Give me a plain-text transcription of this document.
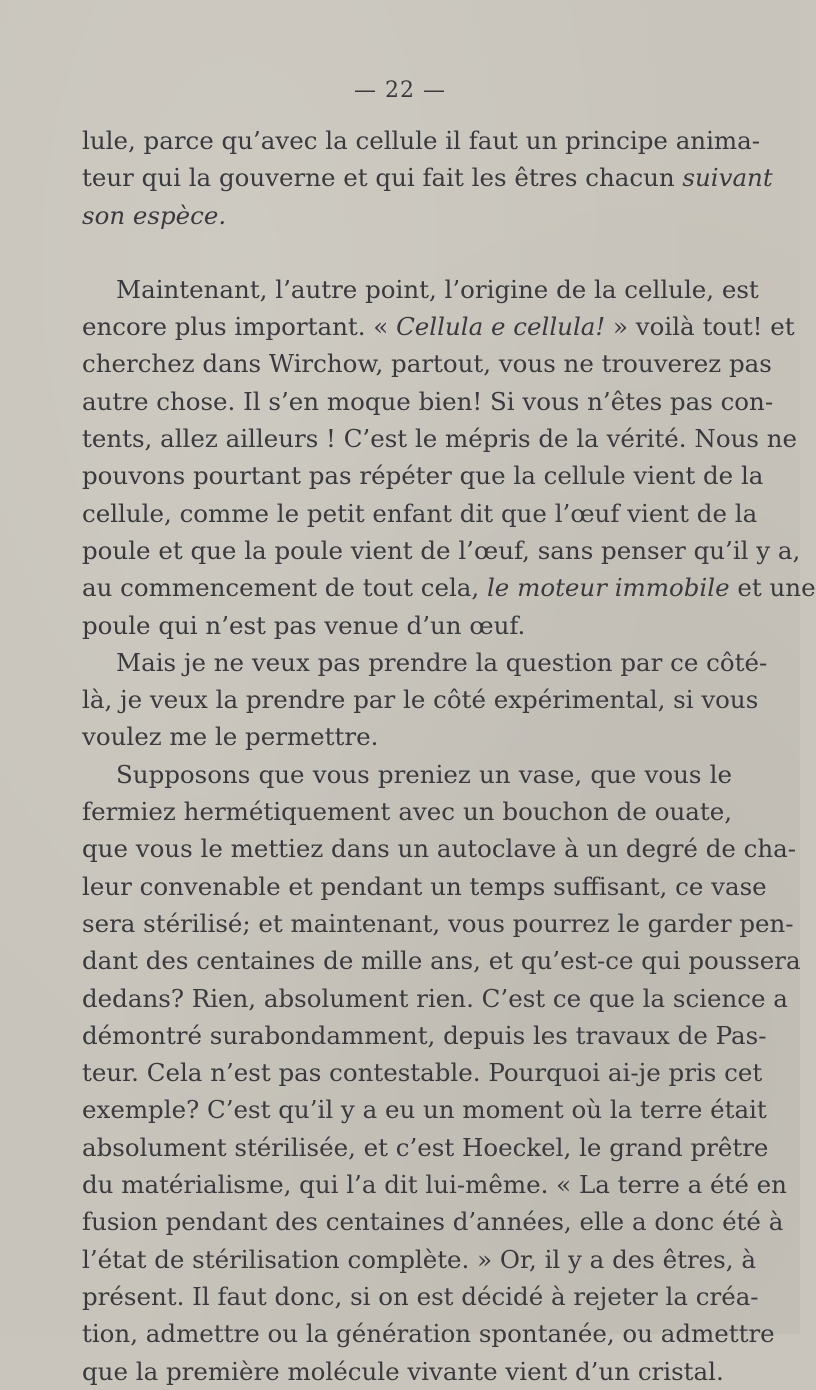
— 22 —
lule, parce qu’avec la cellule il faut un principe anima-
teur qui la gouverne et qui fait les êtres chacun suivant
son espèce.
Maintenant, l’autre point, l’origine de la cellule, est
encore plus important. « Cellula e cellula! » voilà tout! et
cherchez dans Wirchow, partout, vous ne trouverez pas
autre chose. Il s’en moque bien! Si vous n’êtes pas con-
tents, allez ailleurs ! C’est le mépris de la vérité. Nous ne
pouvons pourtant pas répéter que la cellule vient de la
cellule, comme le petit enfant dit que l’œuf vient de la
poule et que la poule vient de l’œuf, sans penser qu’il y a,
au commencement de tout cela, le moteur immobile et une
poule qui n’est pas venue d’un œuf.
Mais je ne veux pas prendre la question par ce côté-
là, je veux la prendre par le côté expérimental, si vous
voulez me le permettre.
Supposons que vous preniez un vase, que vous le
fermiez hermétiquement avec un bouchon de ouate,
que vous le mettiez dans un autoclave à un degré de cha-
leur convenable et pendant un temps suffisant, ce vase
sera stérilisé; et maintenant, vous pourrez le garder pen-
dant des centaines de mille ans, et qu’est-ce qui poussera
dedans? Rien, absolument rien. C’est ce que la science a
démontré surabondamment, depuis les travaux de Pas-
teur. Cela n’est pas contestable. Pourquoi ai-je pris cet
exemple? C’est qu’il y a eu un moment où la terre était
absolument stérilisée, et c’est Hoeckel, le grand prêtre
du matérialisme, qui l’a dit lui-même. « La terre a été en
fusion pendant des centaines d’années, elle a donc été à
l’état de stérilisation complète. » Or, il y a des êtres, à
présent. Il faut donc, si on est décidé à rejeter la créa-
tion, admettre ou la génération spontanée, ou admettre
que la première molécule vivante vient d’un cristal.
